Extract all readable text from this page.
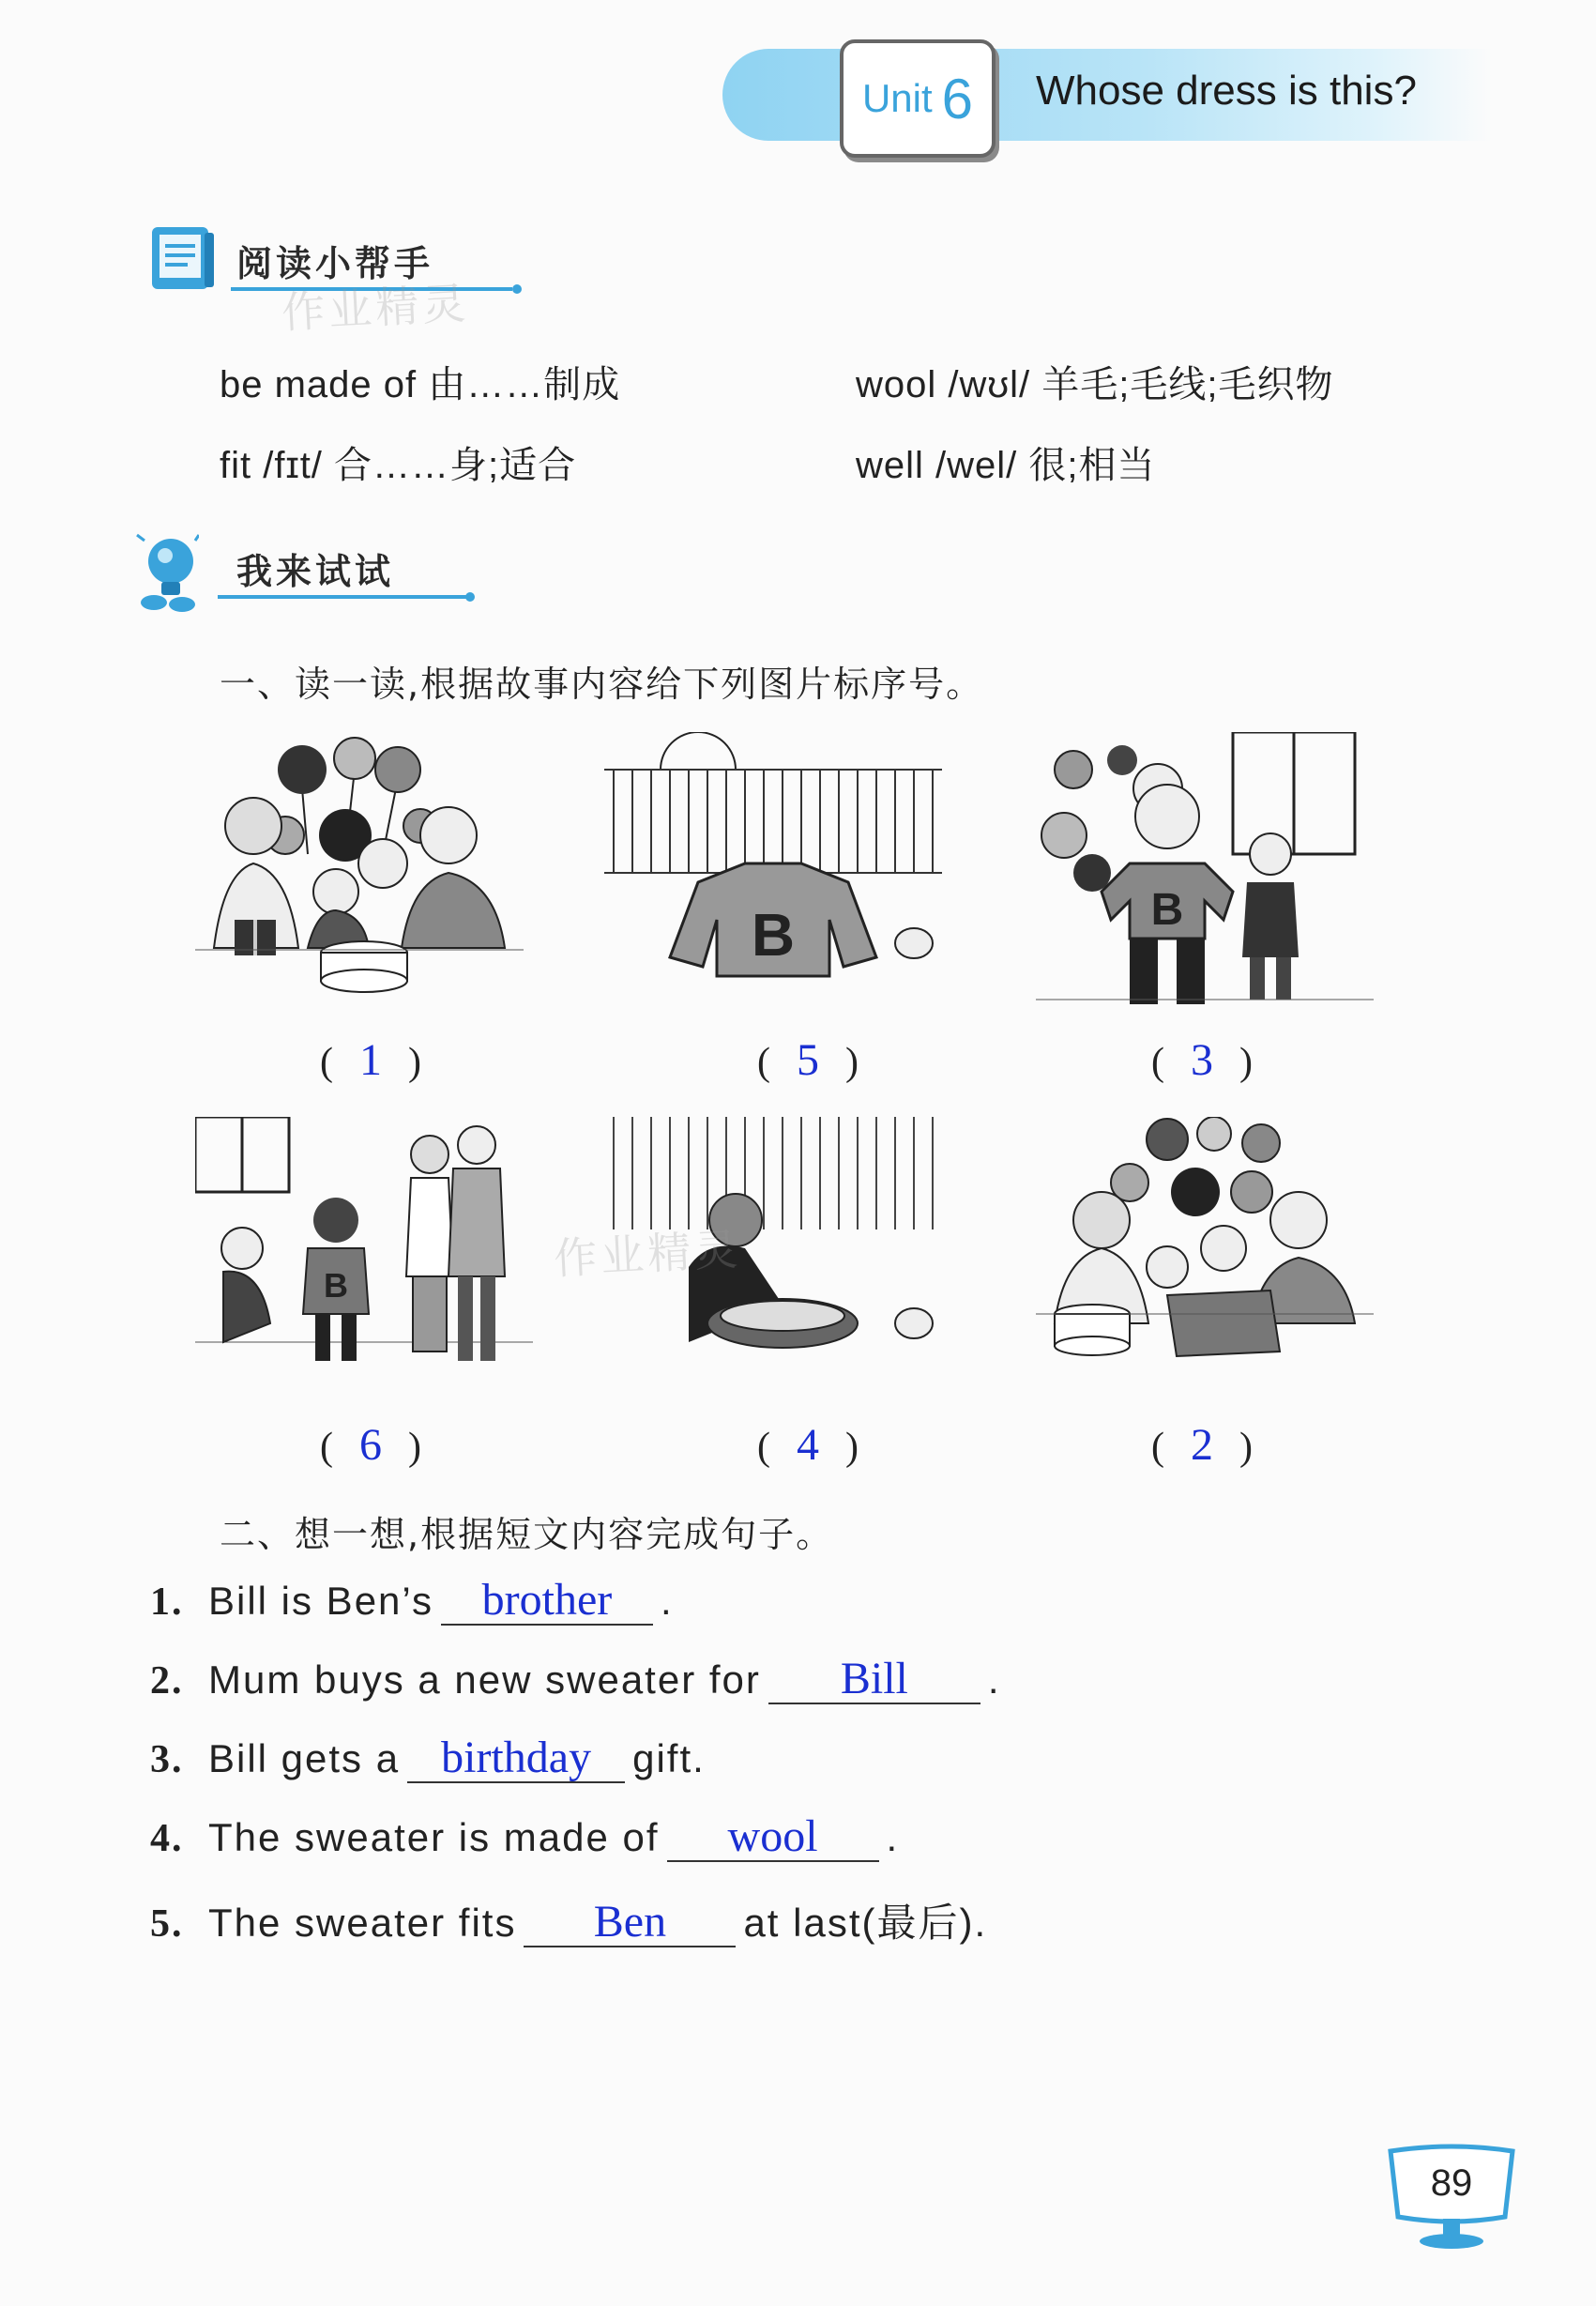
Unit 6 Whose dress is this?
阅读小帮手
作业精灵
be made of 由……制成	wool /wʊl/ 羊毛;毛线;毛织物
fit /fɪt/ 合……身;适合	well /wel/ 很;相当
我来试试
一、读一读,根据故事内容给下列图片标序号。
B	B
B
( 1 )	( 5 )	( 3 )
( 6 )	( 4 )	( 2 )
作业精灵
二、想一想,根据短文内容完成句子。
1. Bill is Ben’s	brother	.
2. Mum buys a new sweater for	Bill	.
3. Bill gets a birthday	gift.
4. The sweater is made of	wool	.
5. The sweater fits	Ben	at last(最后).
89
